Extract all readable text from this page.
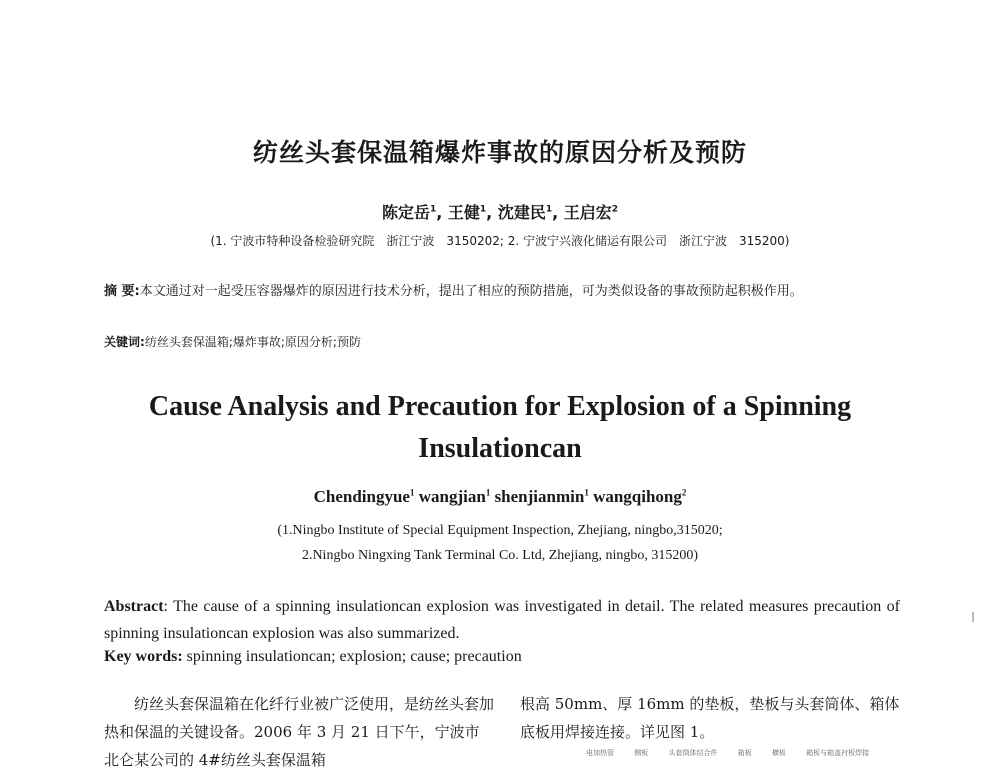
纺丝头套保温箱爆炸事故的原因分析及预防
陈定岳$^1$, 王健$^1$, 沈建民$^1$, 王启宏$^2$
(1. 宁波市特种设备检验研究院　浙江宁波　3150202; 2. 宁波宁兴液化储运有限公司　浙江宁波　315200)
摘 要:本文通过对一起受压容器爆炸的原因进行技术分析，提出了相应的预防措施，可为类似设备的事故预防起积极作用。
关键词:纺丝头套保温箱;爆炸事故;原因分析;预防
Cause Analysis and Precaution for Explosion of a Spinning
Insulationcan
Chendingyue$^1$ wangjian$^1$ shenjianmin$^1$ wangqihong$^2$
(1.Ningbo Institute of Special Equipment Inspection, Zhejiang, ningbo,315020;
2.Ningbo Ningxing Tank Terminal Co. Ltd, Zhejiang, ningbo, 315200)
Abstract: The cause of a spinning insulationcan explosion was investigated in detail. The related measures precaution of spinning insulationcan explosion was also summarized.
Key words: spinning insulationcan; explosion; cause; precaution
纺丝头套保温箱在化纤行业被广泛使用，是纺丝头套加热和保温的关键设备。2006 年 3 月 21 日下午，宁波市北仑某公司的 4#纺丝头套保温箱
根高 50mm、厚 16mm 的垫板，垫板与头套筒体、箱体底板用焊接连接。详见图 1。
电加热管	侧板	头套筒体结合件	箱板	横板	箱板与箱盖衬板焊接
